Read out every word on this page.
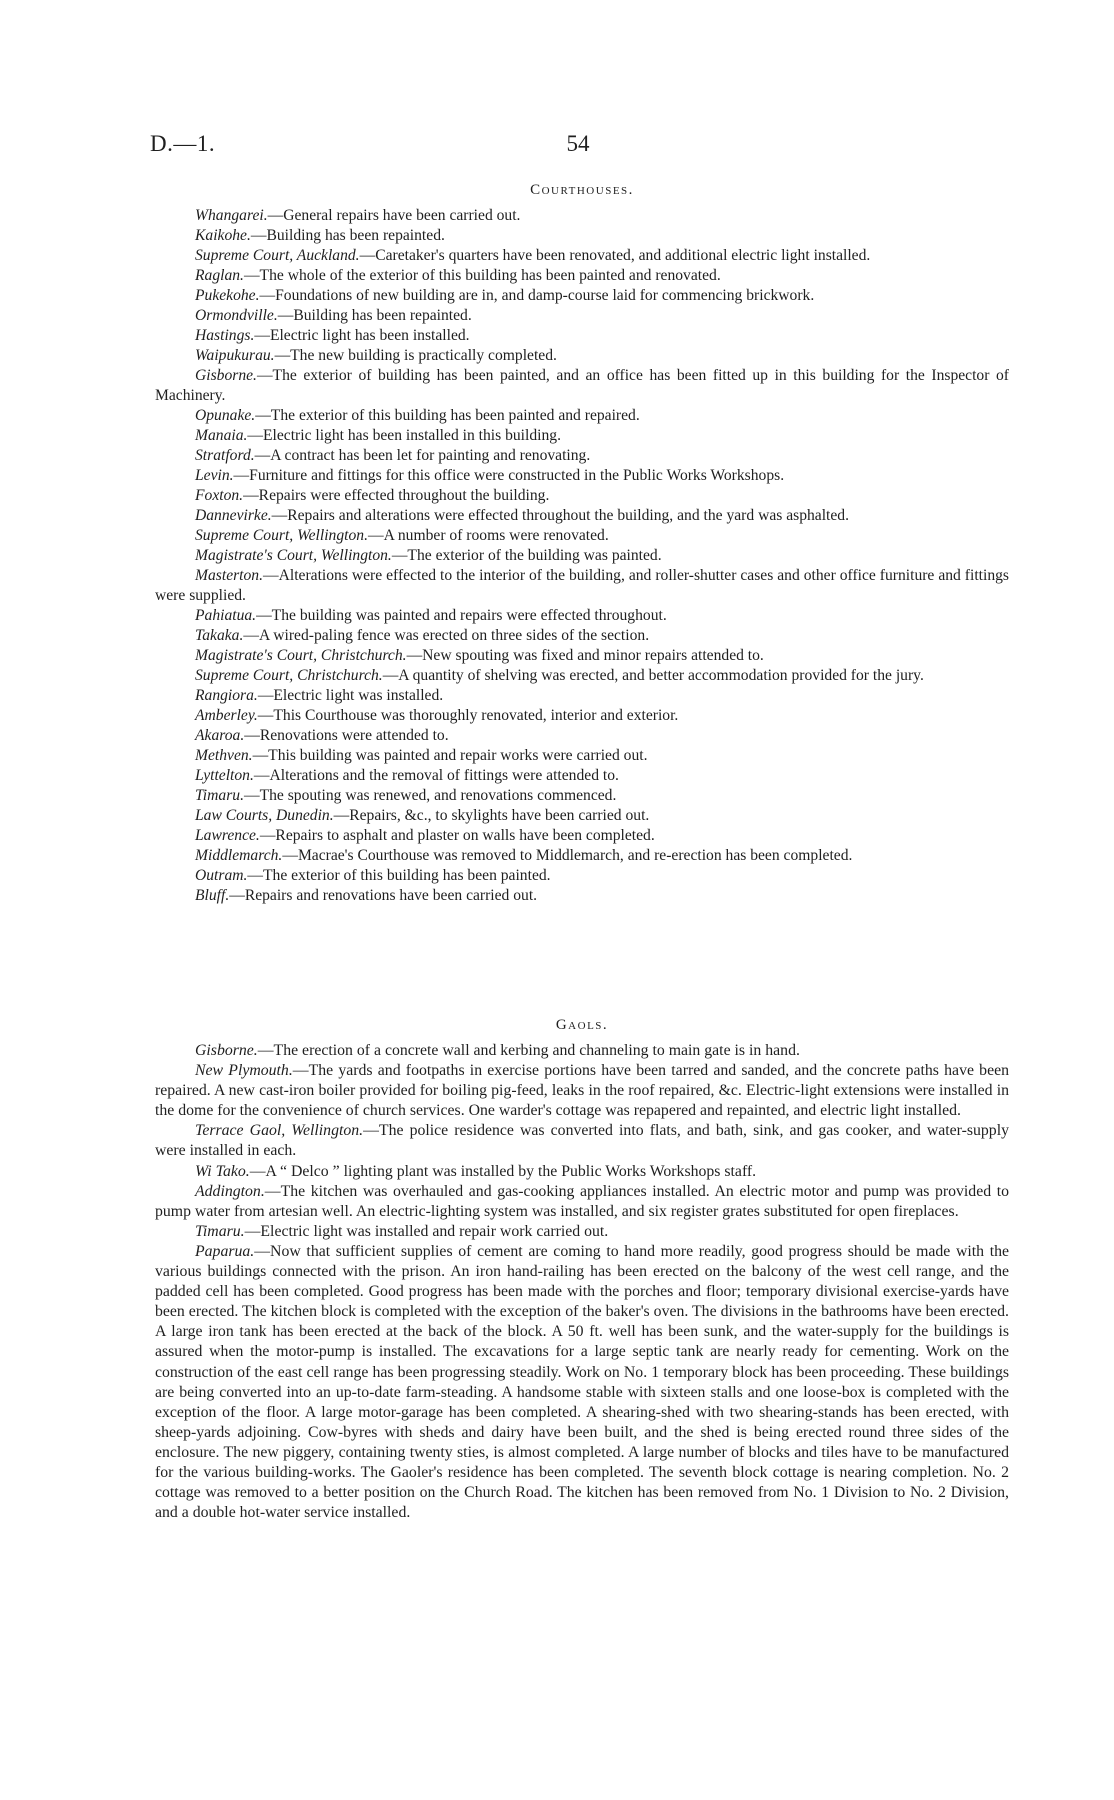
D.—1.	54
Courthouses.

Whangarei.—General repairs have been carried out.

Kaikohe.—Building has been repainted.

Supreme Court, Auckland.—Caretaker's quarters have been renovated, and additional electric light installed.

Raglan.—The whole of the exterior of this building has been painted and renovated.

Pukekohe.—Foundations of new building are in, and damp-course laid for commencing brickwork.

Ormondville.—Building has been repainted.

Hastings.—Electric light has been installed.

Waipukurau.—The new building is practically completed.

Gisborne.—The exterior of building has been painted, and an office has been fitted up in this building for the Inspector of Machinery.

Opunake.—The exterior of this building has been painted and repaired.

Manaia.—Electric light has been installed in this building.

Stratford.—A contract has been let for painting and renovating.

Levin.—Furniture and fittings for this office were constructed in the Public Works Workshops.

Foxton.—Repairs were effected throughout the building.

Dannevirke.—Repairs and alterations were effected throughout the building, and the yard was asphalted.

Supreme Court, Wellington.—A number of rooms were renovated.

Magistrate's Court, Wellington.—The exterior of the building was painted.

Masterton.—Alterations were effected to the interior of the building, and roller-shutter cases and other office furniture and fittings were supplied.

Pahiatua.—The building was painted and repairs were effected throughout.

Takaka.—A wired-paling fence was erected on three sides of the section.

Magistrate's Court, Christchurch.—New spouting was fixed and minor repairs attended to.

Supreme Court, Christchurch.—A quantity of shelving was erected, and better accommodation provided for the jury.

Rangiora.—Electric light was installed.

Amberley.—This Courthouse was thoroughly renovated, interior and exterior.

Akaroa.—Renovations were attended to.

Methven.—This building was painted and repair works were carried out.

Lyttelton.—Alterations and the removal of fittings were attended to.

Timaru.—The spouting was renewed, and renovations commenced.

Law Courts, Dunedin.—Repairs, &c., to skylights have been carried out.

Lawrence.—Repairs to asphalt and plaster on walls have been completed.

Middlemarch.—Macrae's Courthouse was removed to Middlemarch, and re-erection has been completed.

Outram.—The exterior of this building has been painted.

Bluff.—Repairs and renovations have been carried out.

Gaols.

Gisborne.—The erection of a concrete wall and kerbing and channeling to main gate is in hand.

New Plymouth.—The yards and footpaths in exercise portions have been tarred and sanded, and the concrete paths have been repaired. A new cast-iron boiler provided for boiling pig-feed, leaks in the roof repaired, &c. Electric-light extensions were installed in the dome for the convenience of church services. One warder's cottage was repapered and repainted, and electric light installed.

Terrace Gaol, Wellington.—The police residence was converted into flats, and bath, sink, and gas cooker, and water-supply were installed in each.

Wi Tako.—A “ Delco ” lighting plant was installed by the Public Works Workshops staff.

Addington.—The kitchen was overhauled and gas-cooking appliances installed. An electric motor and pump was provided to pump water from artesian well. An electric-lighting system was installed, and six register grates substituted for open fireplaces.

Timaru.—Electric light was installed and repair work carried out.

Paparua.—Now that sufficient supplies of cement are coming to hand more readily, good progress should be made with the various buildings connected with the prison. An iron hand-railing has been erected on the balcony of the west cell range, and the padded cell has been completed. Good progress has been made with the porches and floor; temporary divisional exercise-yards have been erected. The kitchen block is completed with the exception of the baker's oven. The divisions in the bathrooms have been erected. A large iron tank has been erected at the back of the block. A 50 ft. well has been sunk, and the water-supply for the buildings is assured when the motor-pump is installed. The excavations for a large septic tank are nearly ready for cementing. Work on the construction of the east cell range has been progressing steadily. Work on No. 1 temporary block has been proceeding. These buildings are being converted into an up-to-date farm-steading. A handsome stable with sixteen stalls and one loose-box is completed with the exception of the floor. A large motor-garage has been completed. A shearing-shed with two shearing-stands has been erected, with sheep-yards adjoining. Cow-byres with sheds and dairy have been built, and the shed is being erected round three sides of the enclosure. The new piggery, containing twenty sties, is almost completed. A large number of blocks and tiles have to be manufactured for the various building-works. The Gaoler's residence has been completed. The seventh block cottage is nearing completion. No. 2 cottage was removed to a better position on the Church Road. The kitchen has been removed from No. 1 Division to No. 2 Division, and a double hot-water service installed.
